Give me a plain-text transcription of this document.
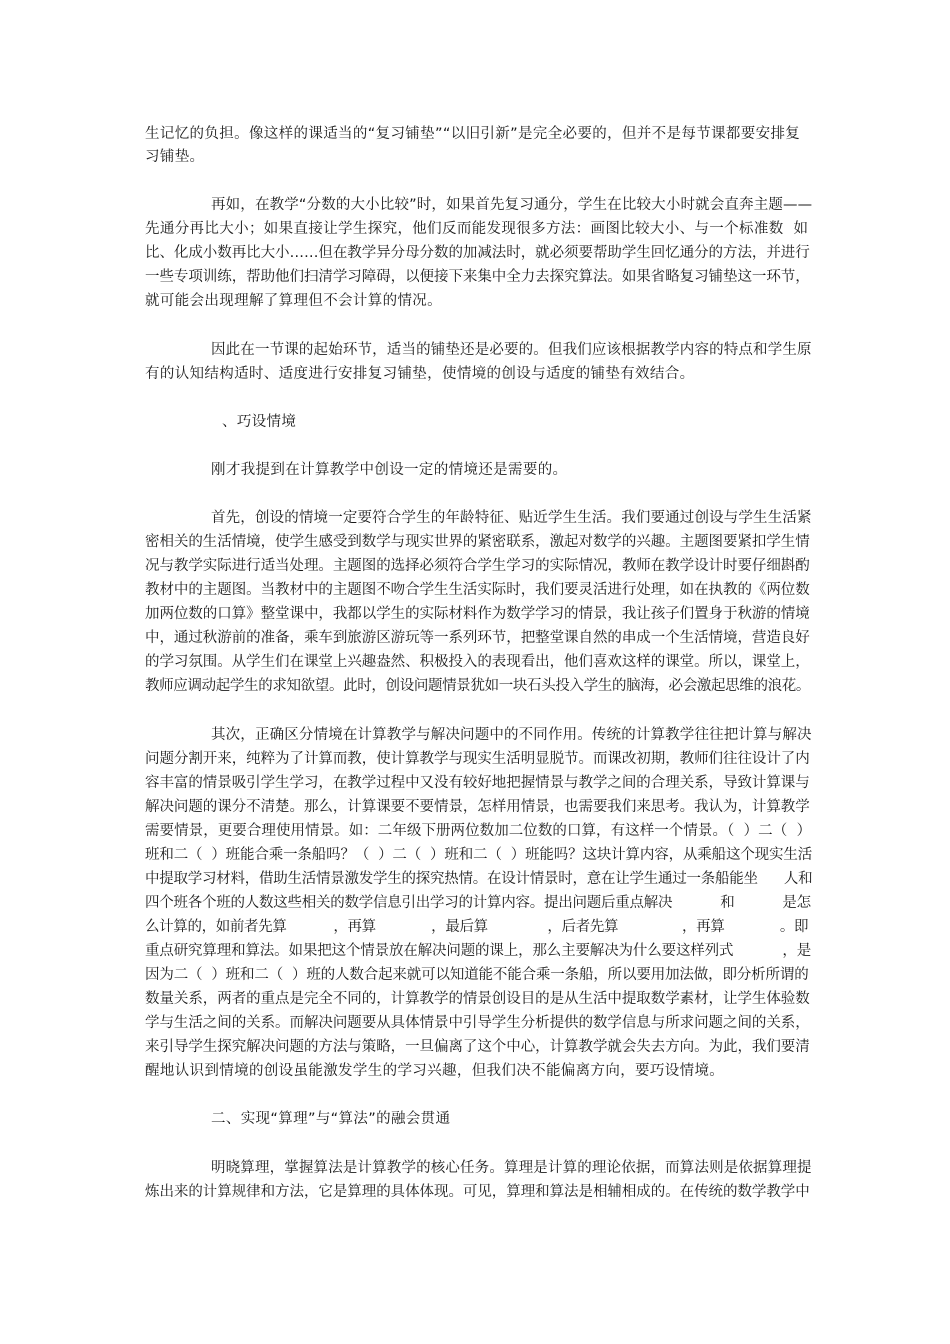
生记忆的负担。像这样的课适当的“复习铺垫”“以旧引新”是完全必要的，但并不是每节课都要安排复
习铺垫。
再如，在教学“分数的大小比较”时，如果首先复习通分，学生在比较大小时就会直奔主题——
先通分再比大小；如果直接让学生探究，他们反而能发现很多方法：画图比较大小、与一个标准数  如
比、化成小数再比大小……但在教学异分母分数的加减法时，就必须要帮助学生回忆通分的方法，并进行
一些专项训练，帮助他们扫清学习障碍，以便接下来集中全力去探究算法。如果省略复习铺垫这一环节，
就可能会出现理解了算理但不会计算的情况。
因此在一节课的起始环节，适当的铺垫还是必要的。但我们应该根据教学内容的特点和学生原
有的认知结构适时、适度进行安排复习铺垫，使情境的创设与适度的铺垫有效结合。
、巧设情境
刚才我提到在计算教学中创设一定的情境还是需要的。
首先，创设的情境一定要符合学生的年龄特征、贴近学生生活。我们要通过创设与学生生活紧
密相关的生活情境，使学生感受到数学与现实世界的紧密联系，激起对数学的兴趣。主题图要紧扣学生情
况与教学实际进行适当处理。主题图的选择必须符合学生学习的实际情况，教师在教学设计时要仔细斟酌
教材中的主题图。当教材中的主题图不吻合学生生活实际时，我们要灵活进行处理，如在执教的《两位数
加两位数的口算》整堂课中，我都以学生的实际材料作为数学学习的情景，我让孩子们置身于秋游的情境
中，通过秋游前的准备，乘车到旅游区游玩等一系列环节，把整堂课自然的串成一个生活情境，营造良好
的学习氛围。从学生们在课堂上兴趣盎然、积极投入的表现看出，他们喜欢这样的课堂。所以，课堂上，
教师应调动起学生的求知欲望。此时，创设问题情景犹如一块石头投入学生的脑海，必会激起思维的浪花。
其次，正确区分情境在计算教学与解决问题中的不同作用。传统的计算教学往往把计算与解决
问题分割开来，纯粹为了计算而教，使计算教学与现实生活明显脱节。而课改初期，教师们往往设计了内
容丰富的情景吸引学生学习，在教学过程中又没有较好地把握情景与教学之间的合理关系，导致计算课与
解决问题的课分不清楚。那么，计算课要不要情景，怎样用情景，也需要我们来思考。我认为，计算教学
需要情景，更要合理使用情景。如：二年级下册两位数加二位数的口算，有这样一个情景。（  ）二（  ）
班和二（  ）班能合乘一条船吗？（  ）二（  ）班和二（  ）班能吗？这块计算内容，从乘船这个现实生活
中提取学习材料，借助生活情景激发学生的探究热情。在设计情景时，意在让学生通过一条船能坐      人和
四个班各个班的人数这些相关的数学信息引出学习的计算内容。提出问题后重点解决           和           是怎
么计算的，如前者先算           ，再算             ，最后算              ，后者先算               ，再算             。即
重点研究算理和算法。如果把这个情景放在解决问题的课上，那么主要解决为什么要这样列式           ，是
因为二（  ）班和二（  ）班的人数合起来就可以知道能不能合乘一条船，所以要用加法做，即分析所谓的
数量关系，两者的重点是完全不同的，计算教学的情景创设目的是从生活中提取数学素材，让学生体验数
学与生活之间的关系。而解决问题要从具体情景中引导学生分析提供的数学信息与所求问题之间的关系，
来引导学生探究解决问题的方法与策略，一旦偏离了这个中心，计算教学就会失去方向。为此，我们要清
醒地认识到情境的创设虽能激发学生的学习兴趣，但我们决不能偏离方向，要巧设情境。
二、实现“算理”与“算法”的融会贯通
明晓算理，掌握算法是计算教学的核心任务。算理是计算的理论依据，而算法则是依据算理提
炼出来的计算规律和方法，它是算理的具体体现。可见，算理和算法是相辅相成的。在传统的数学教学中
